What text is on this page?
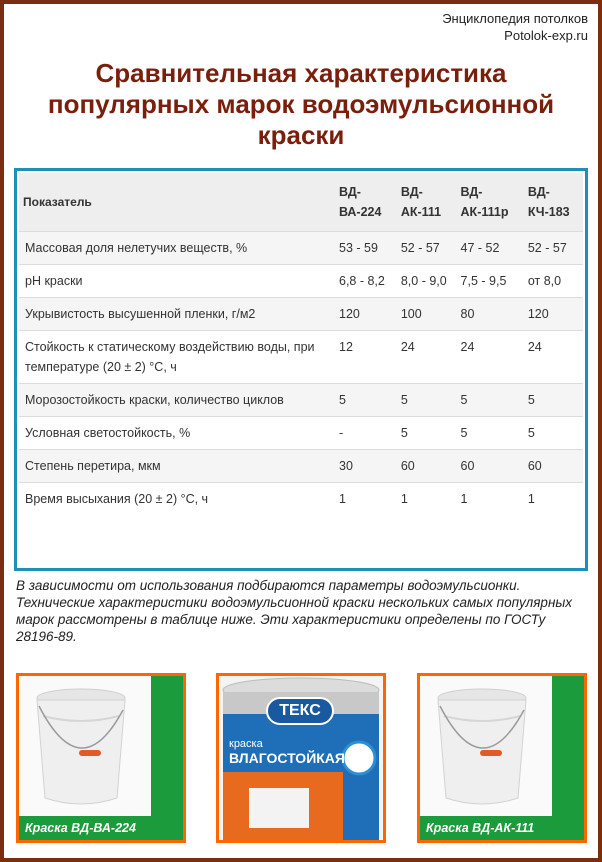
Энциклопедия потолков
Potolok-exp.ru
Сравнительная характеристика
популярных марок водоэмульсионной
краски
Показатель	ВД-ВА-224	ВД-АК-111	ВД-АК-111р	ВД-КЧ-183
Массовая доля нелетучих веществ, %	53 - 59	52 - 57	47 - 52	52 - 57
pH краски	6,8 - 8,2	8,0 - 9,0	7,5 - 9,5	от 8,0
Укрывистость высушенной пленки, г/м2	120	100	80	120
Стойкость к статическому воздействию воды, при температуре (20 ± 2) °С, ч	12	24	24	24
Морозостойкость краски, количество циклов	5	5	5	5
Условная светостойкость, %	-	5	5	5
Степень перетира, мкм	30	60	60	60
Время высыхания (20 ± 2) °С, ч	1	1	1	1
В зависимости от использования подбираются параметры водоэмульсионки. Технические характеристики водоэмульсионной краски нескольких самых популярных марок рассмотрены в таблице ниже. Эти характеристики определены по ГОСТу 28196-89.
Краска ВД-ВА-224
ТЕКС
краска
ВЛАГОСТОЙКАЯ
Краска ВД-АК-111
